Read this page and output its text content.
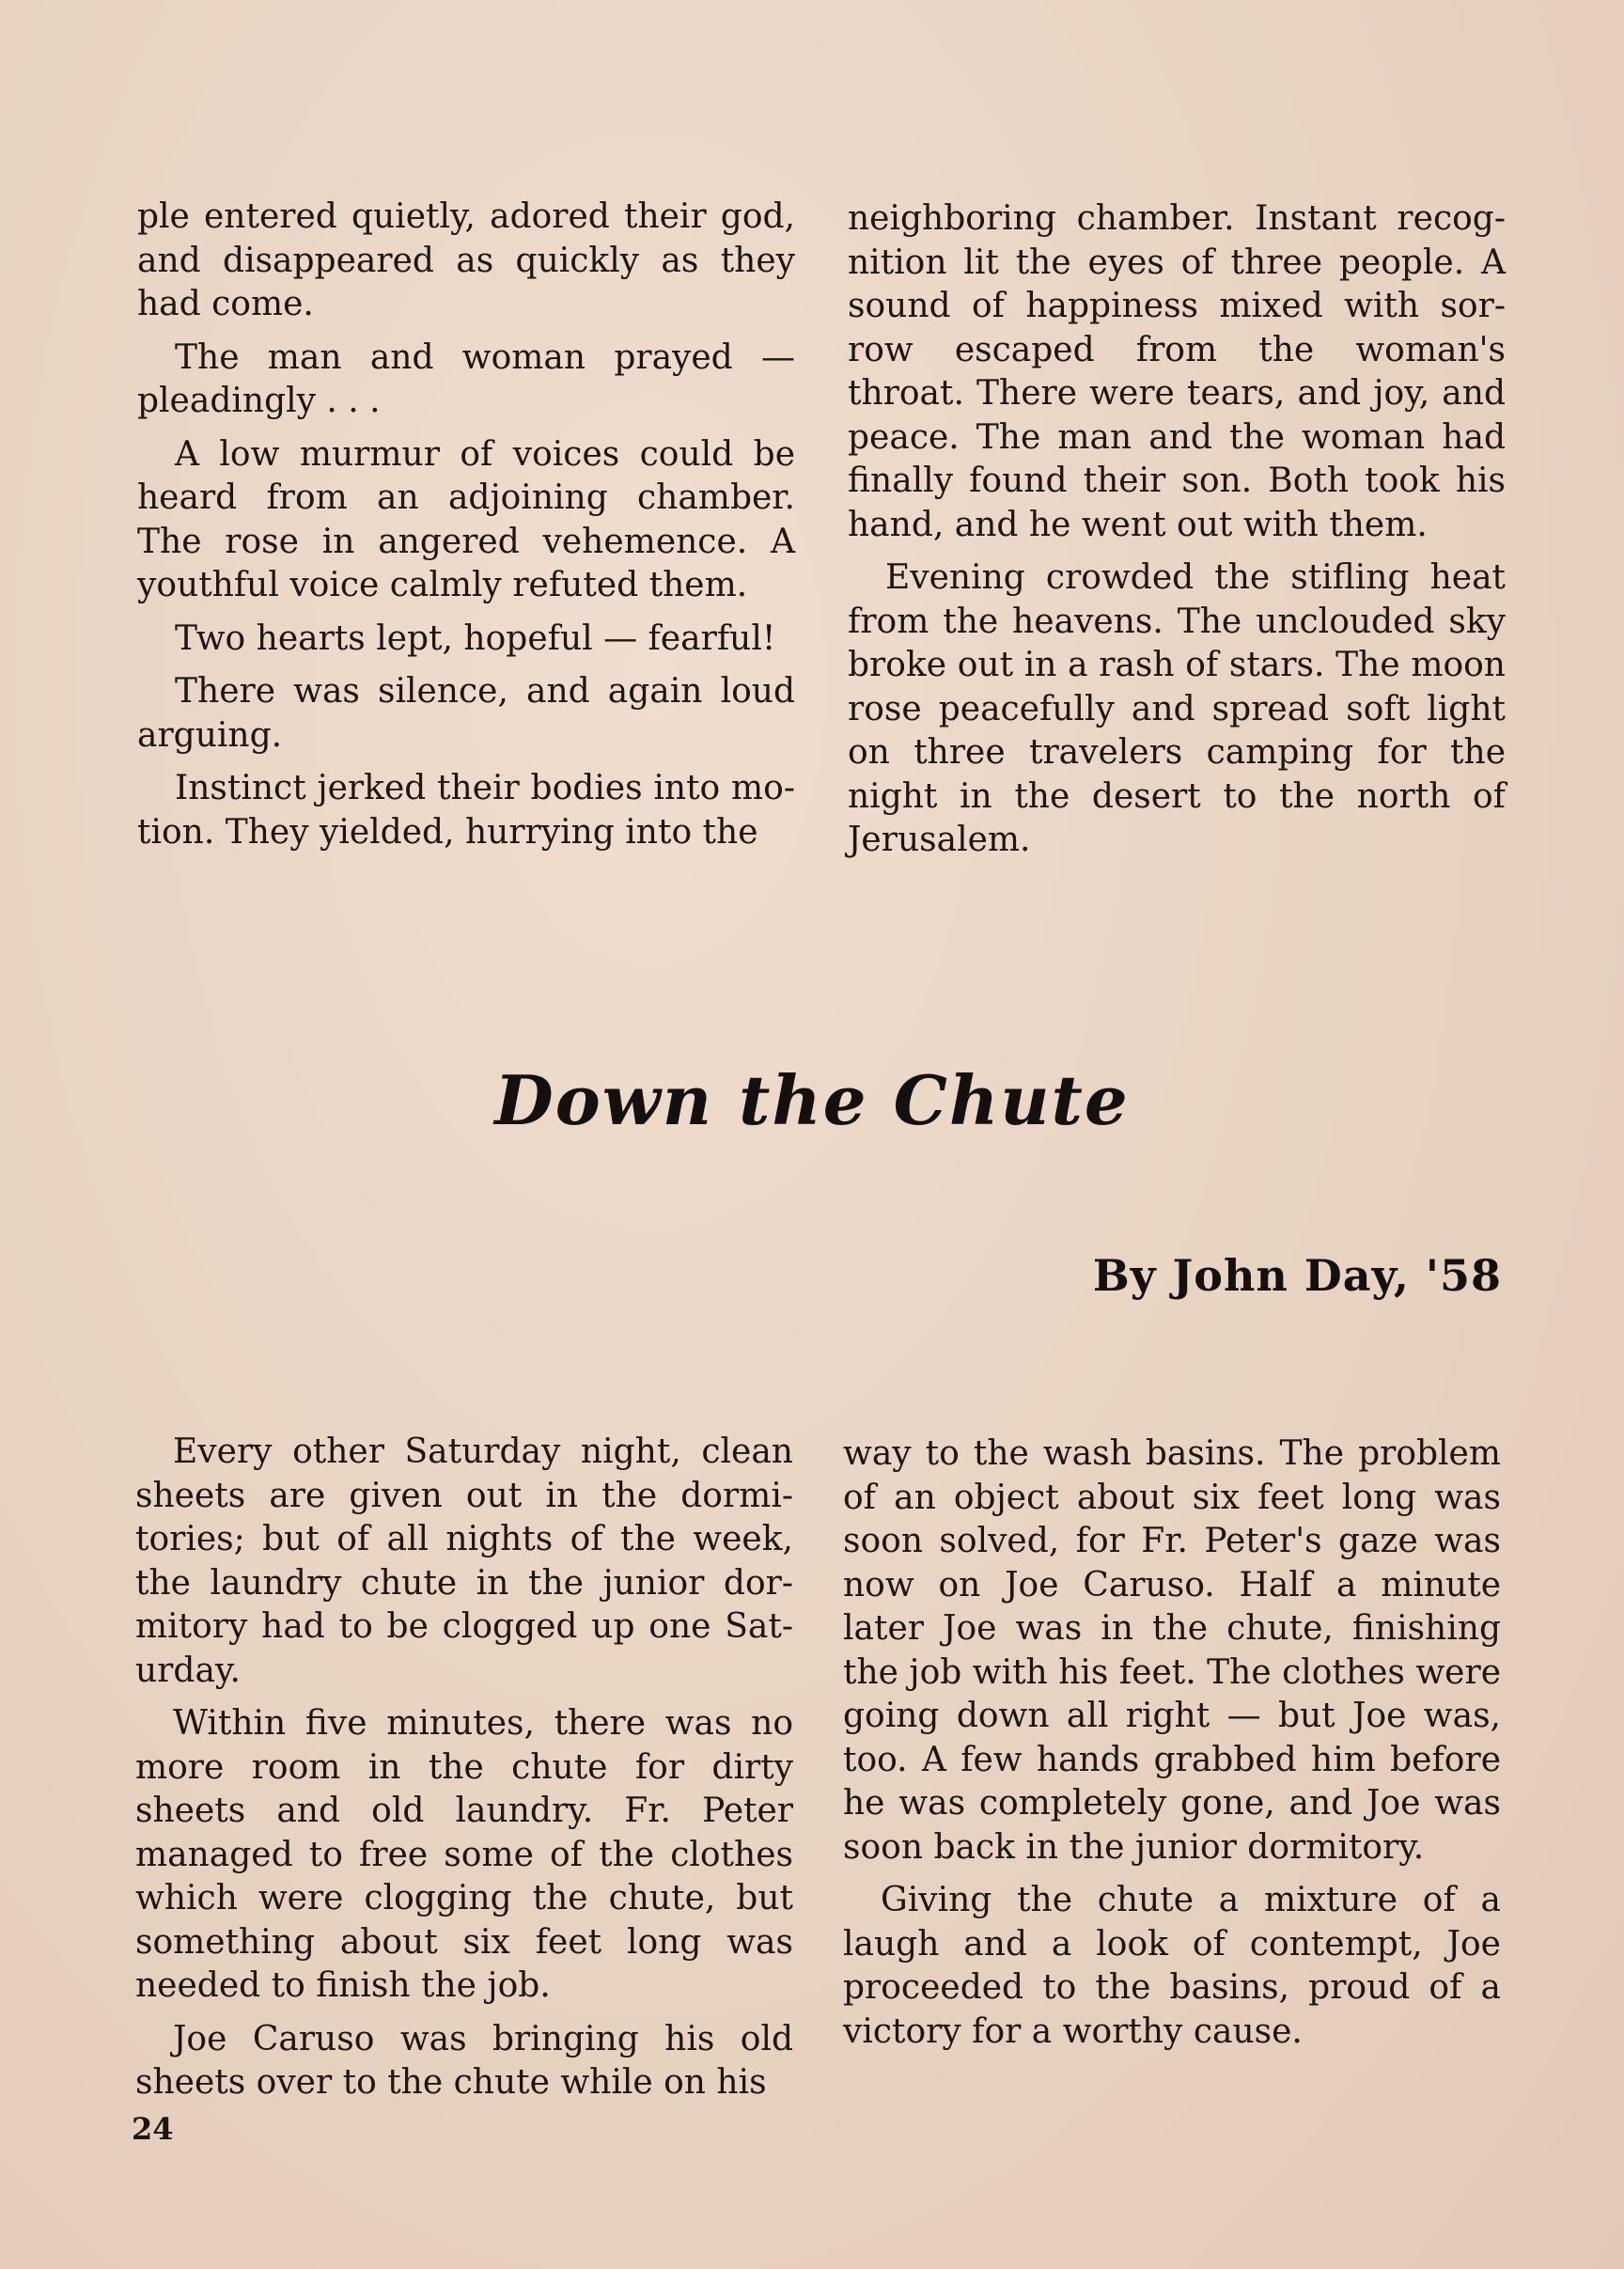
ple entered quietly, adored their god, and disappeared as quickly as they had come.

The man and woman prayed — pleadingly . . .

A low murmur of voices could be heard from an adjoining chamber. The rose in angered vehemence. A youthful voice calmly refuted them.

Two hearts lept, hopeful — fearful!

There was silence, and again loud arguing.

Instinct jerked their bodies into motion. They yielded, hurrying into the

neighboring chamber. Instant recognition lit the eyes of three people. A sound of happiness mixed with sorrow escaped from the woman's throat. There were tears, and joy, and peace. The man and the woman had finally found their son. Both took his hand, and he went out with them.

Evening crowded the stifling heat from the heavens. The unclouded sky broke out in a rash of stars. The moon rose peacefully and spread soft light on three travelers camping for the night in the desert to the north of Jerusalem.

Down the Chute
By John Day, '58

Every other Saturday night, clean sheets are given out in the dormitories; but of all nights of the week, the laundry chute in the junior dormitory had to be clogged up one Saturday.

Within five minutes, there was no more room in the chute for dirty sheets and old laundry. Fr. Peter managed to free some of the clothes which were clogging the chute, but something about six feet long was needed to finish the job.

Joe Caruso was bringing his old sheets over to the chute while on his

way to the wash basins. The problem of an object about six feet long was soon solved, for Fr. Peter's gaze was now on Joe Caruso. Half a minute later Joe was in the chute, finishing the job with his feet. The clothes were going down all right — but Joe was, too. A few hands grabbed him before he was completely gone, and Joe was soon back in the junior dormitory.

Giving the chute a mixture of a laugh and a look of contempt, Joe proceeded to the basins, proud of a victory for a worthy cause.

24
